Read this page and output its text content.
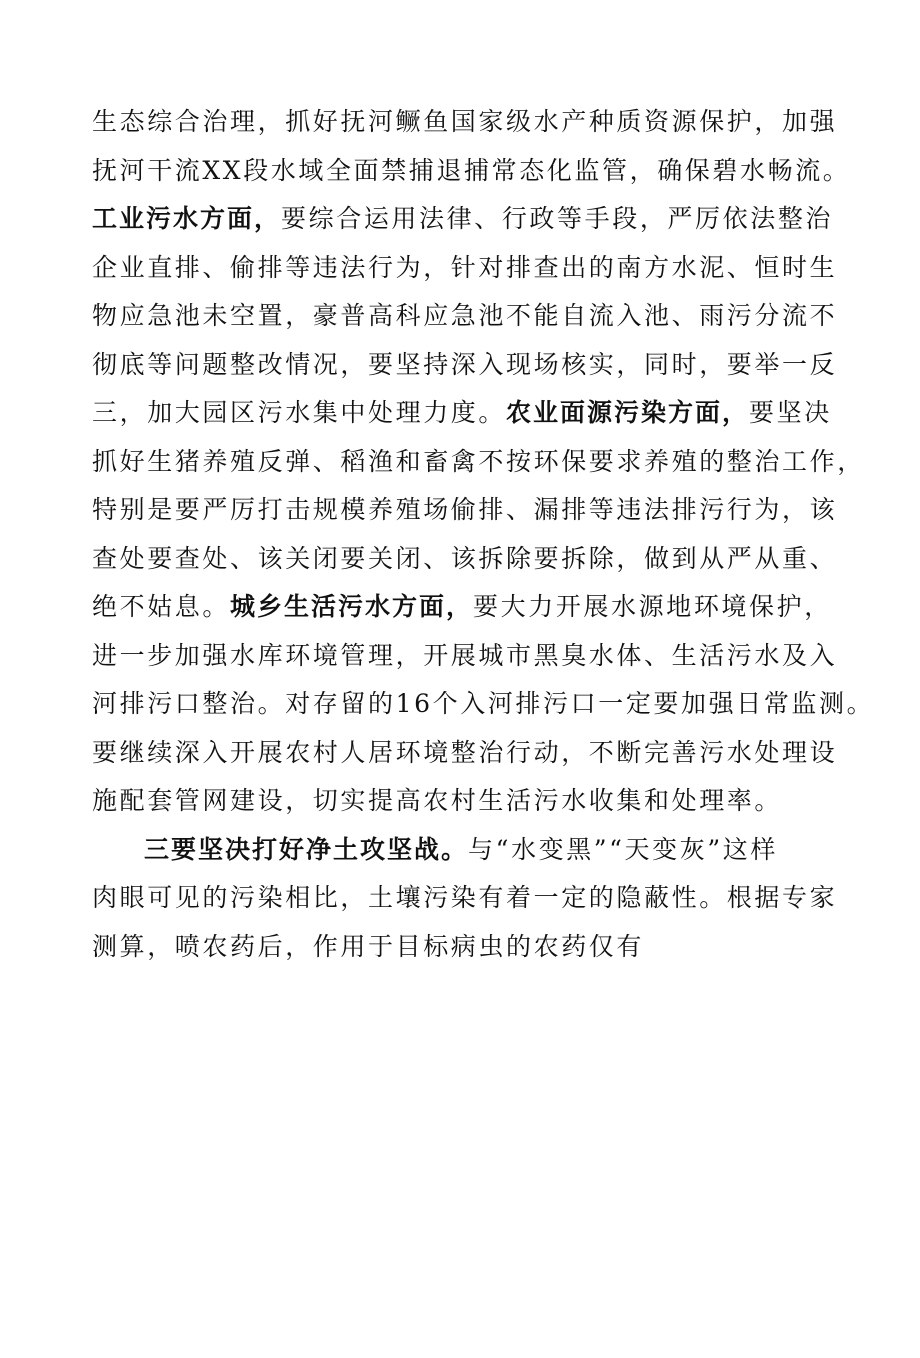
生态综合治理，抓好抚河鳜鱼国家级水产种质资源保护，加强
抚河干流XX段水域全面禁捕退捕常态化监管，确保碧水畅流。
工业污水方面，要综合运用法律、行政等手段，严厉依法整治
企业直排、偷排等违法行为，针对排查出的南方水泥、恒时生
物应急池未空置，豪普高科应急池不能自流入池、雨污分流不
彻底等问题整改情况，要坚持深入现场核实，同时，要举一反
三，加大园区污水集中处理力度。农业面源污染方面，要坚决
抓好生猪养殖反弹、稻渔和畜禽不按环保要求养殖的整治工作，
特别是要严厉打击规模养殖场偷排、漏排等违法排污行为，该
查处要查处、该关闭要关闭、该拆除要拆除，做到从严从重、
绝不姑息。城乡生活污水方面，要大力开展水源地环境保护，
进一步加强水库环境管理，开展城市黑臭水体、生活污水及入
河排污口整治。对存留的16个入河排污口一定要加强日常监测。
要继续深入开展农村人居环境整治行动，不断完善污水处理设
施配套管网建设，切实提高农村生活污水收集和处理率。
三要坚决打好净土攻坚战。与“水变黑”“天变灰”这样
肉眼可见的污染相比，土壤污染有着一定的隐蔽性。根据专家
测算，喷农药后，作用于目标病虫的农药仅有
